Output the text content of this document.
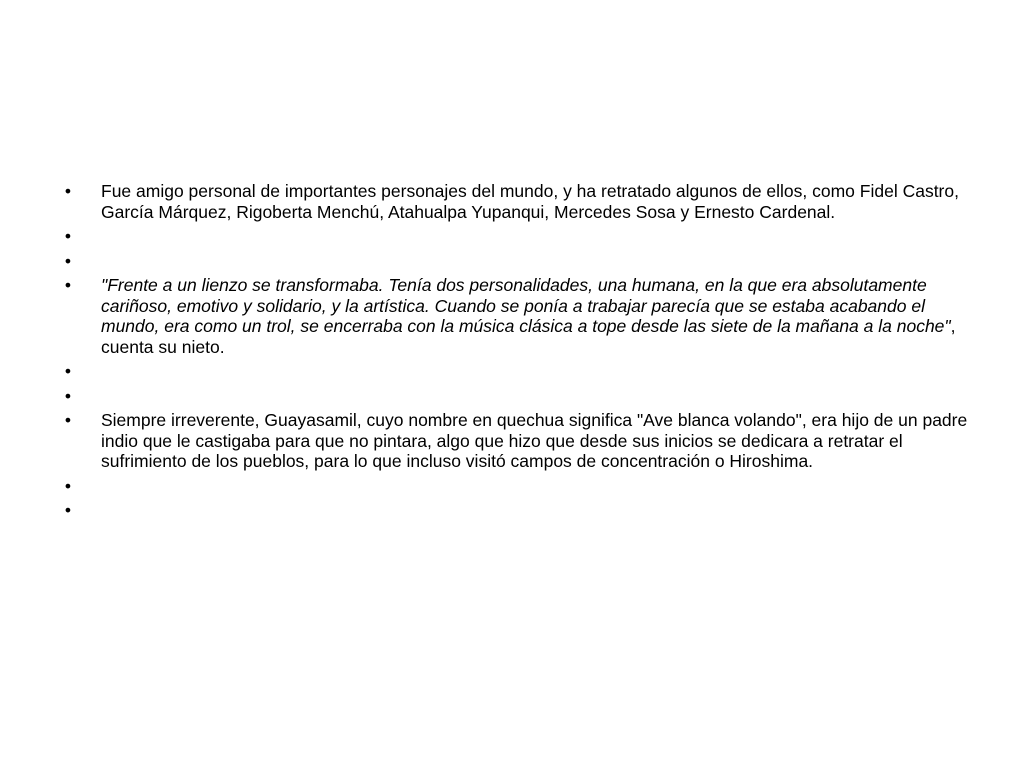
• Fue amigo personal de importantes personajes del mundo, y ha retratado algunos de ellos, como Fidel Castro, García Márquez, Rigoberta Menchú, Atahualpa Yupanqui, Mercedes Sosa y Ernesto Cardenal.
•
•
• "Frente a un lienzo se transformaba. Tenía dos personalidades, una humana, en la que era absolutamente cariñoso, emotivo y solidario, y la artística. Cuando se ponía a trabajar parecía que se estaba acabando el mundo, era como un trol, se encerraba con la música clásica a tope desde las siete de la mañana a la noche", cuenta su nieto.
•
•
• Siempre irreverente, Guayasamil, cuyo nombre en quechua significa "Ave blanca volando", era hijo de un padre indio que le castigaba para que no pintara, algo que hizo que desde sus inicios se dedicara a retratar el sufrimiento de los pueblos, para lo que incluso visitó campos de concentración o Hiroshima.
•
•
